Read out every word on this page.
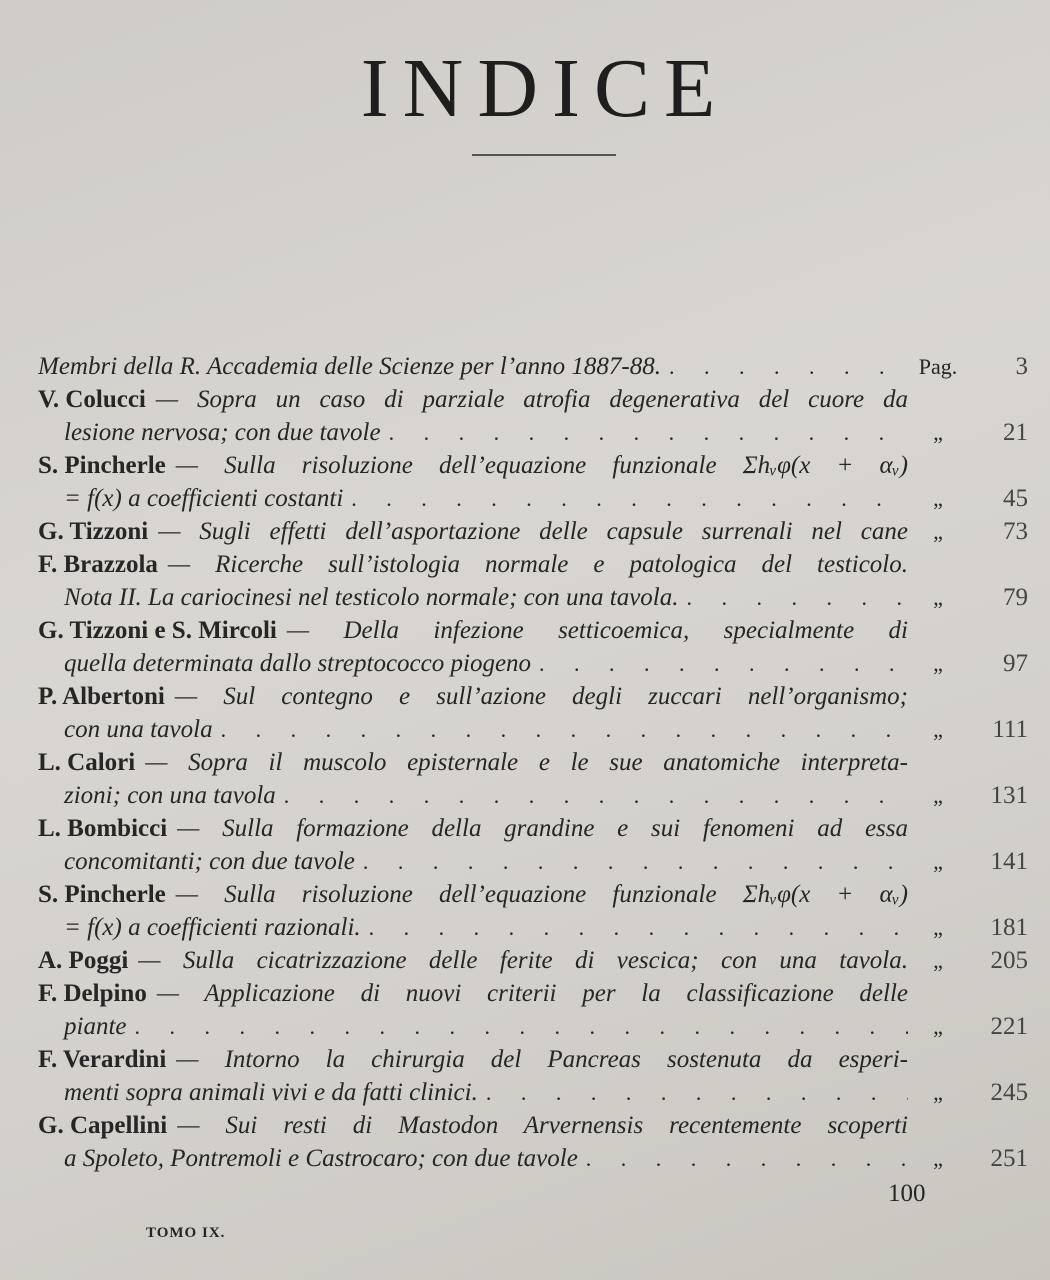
INDICE
Membri della R. Accademia delle Scienze per l’anno 1887-88. . . .	Pag.	3
V. Colucci — Sopra un caso di parziale atrofia degenerativa del cuore da
lesione nervosa; con due tavole . . .	„	21
S. Pincherle — Sulla risoluzione dell’equazione funzionale Σhᵥφ(x + αᵥ)
= f(x) a coefficienti costanti . . .	„	45
G. Tizzoni — Sugli effetti dell’asportazione delle capsule surrenali nel cane	„	73
F. Brazzola — Ricerche sull’istologia normale e patologica del testicolo.
Nota II. La cariocinesi nel testicolo normale; con una tavola. . . .	„	79
G. Tizzoni e S. Mircoli — Della infezione setticoemica, specialmente di
quella determinata dallo streptococco piogeno . . .	„	97
P. Albertoni — Sul contegno e sull’azione degli zuccari nell’organismo;
con una tavola . . .	„	111
L. Calori — Sopra il muscolo episternale e le sue anatomiche interpreta-
zioni; con una tavola . . .	„	131
L. Bombicci — Sulla formazione della grandine e sui fenomeni ad essa
concomitanti; con due tavole . . .	„	141
S. Pincherle — Sulla risoluzione dell’equazione funzionale Σhᵥφ(x + αᵥ)
= f(x) a coefficienti razionali. . . .	„	181
A. Poggi — Sulla cicatrizzazione delle ferite di vescica; con una tavola.	„	205
F. Delpino — Applicazione di nuovi criterii per la classificazione delle
piante . . .	„	221
F. Verardini — Intorno la chirurgia del Pancreas sostenuta da esperi-
menti sopra animali vivi e da fatti clinici. . . .	„	245
G. Capellini — Sui resti di Mastodon Arvernensis recentemente scoperti
a Spoleto, Pontremoli e Castrocaro; con due tavole . . .	„	251
100
TOMO IX.
